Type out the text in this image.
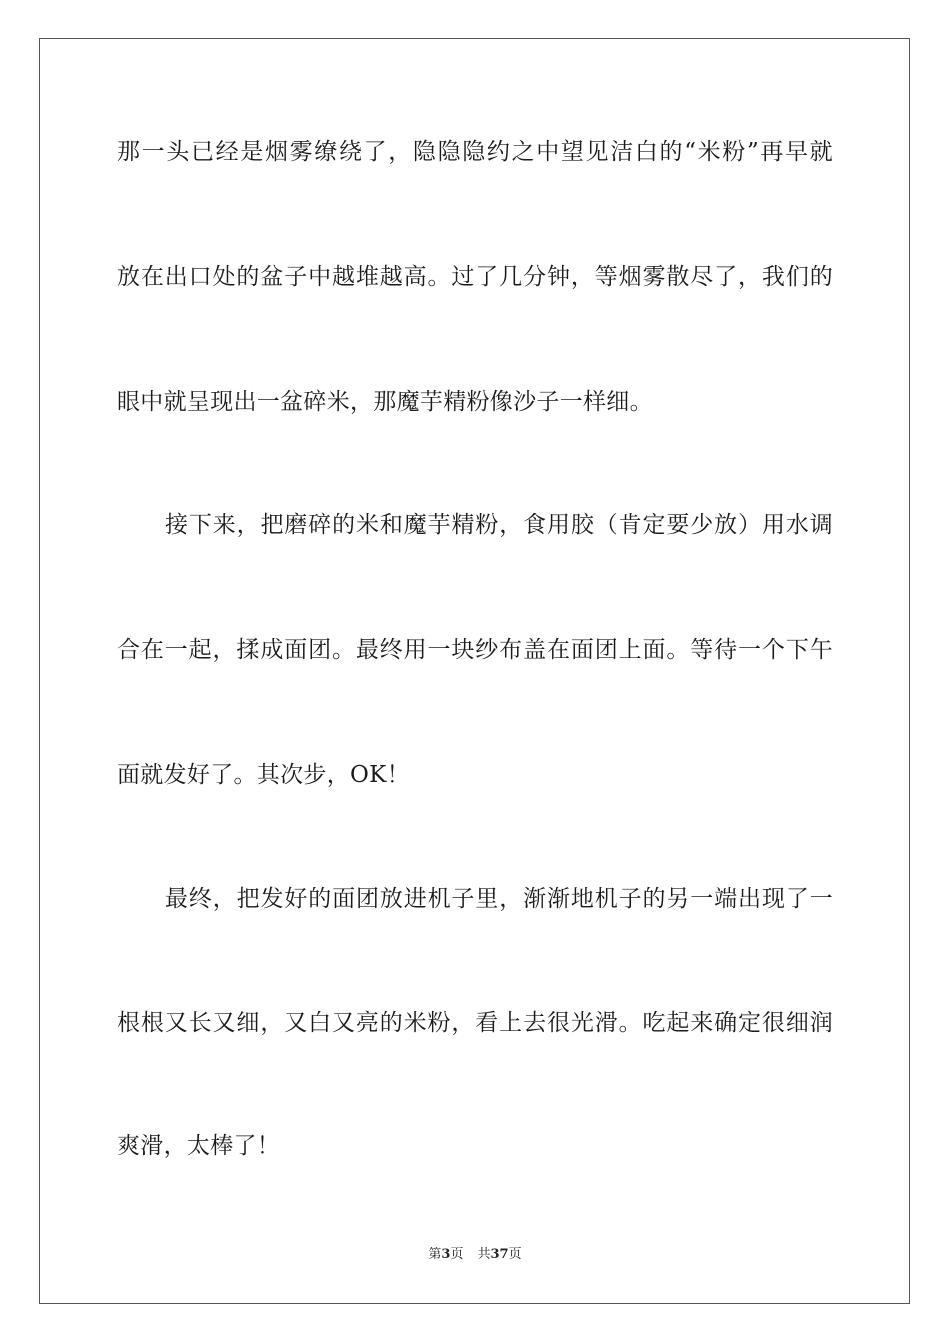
那一头已经是烟雾缭绕了，隐隐隐约之中望见洁白的“米粉”再早就
放在出口处的盆子中越堆越高。过了几分钟，等烟雾散尽了，我们的
眼中就呈现出一盆碎米，那魔芋精粉像沙子一样细。
接下来，把磨碎的米和魔芋精粉，食用胶（肯定要少放）用水调
合在一起，揉成面团。最终用一块纱布盖在面团上面。等待一个下午
面就发好了。其次步，OK！
最终，把发好的面团放进机子里，渐渐地机子的另一端出现了一
根根又长又细，又白又亮的米粉，看上去很光滑。吃起来确定很细润
爽滑，太棒了！
第3页 共37页
